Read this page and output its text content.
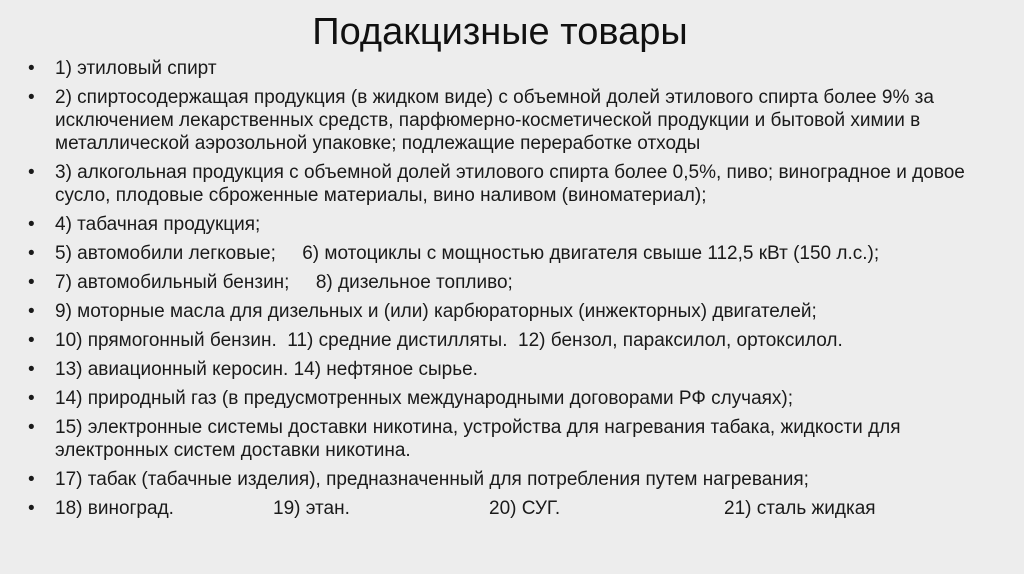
Подакцизные товары
•	1) этиловый спирт
•	2) спиртосодержащая продукция (в жидком виде) с объемной долей этилового спирта более 9% за исключением лекарственных средств, парфюмерно-косметической продукции и бытовой химии в металлической аэрозольной упаковке; подлежащие переработке отходы
•	3) алкогольная продукция с объемной долей этилового спирта более 0,5%, пиво; виноградное и довое сусло, плодовые сброженные материалы, вино наливом (виноматериал);
•	4) табачная продукция;
•	5) автомобили легковые;     6) мотоциклы с мощностью двигателя свыше 112,5 кВт (150 л.с.);
•	7) автомобильный бензин;     8) дизельное топливо;
•	9) моторные масла для дизельных и (или) карбюраторных (инжекторных) двигателей;
•	10) прямогонный бензин.  11) средние дистилляты.  12) бензол, параксилол, ортоксилол.
•	13) авиационный керосин. 14) нефтяное сырье.
•	14) природный газ (в предусмотренных международными договорами РФ случаях);
•	15) электронные системы доставки никотина, устройства для нагревания табака, жидкости для электронных систем доставки никотина.
•	17) табак (табачные изделия), предназначенный для потребления путем нагревания;
•	18) виноград.	19) этан.	20) СУГ.	21) сталь жидкая
